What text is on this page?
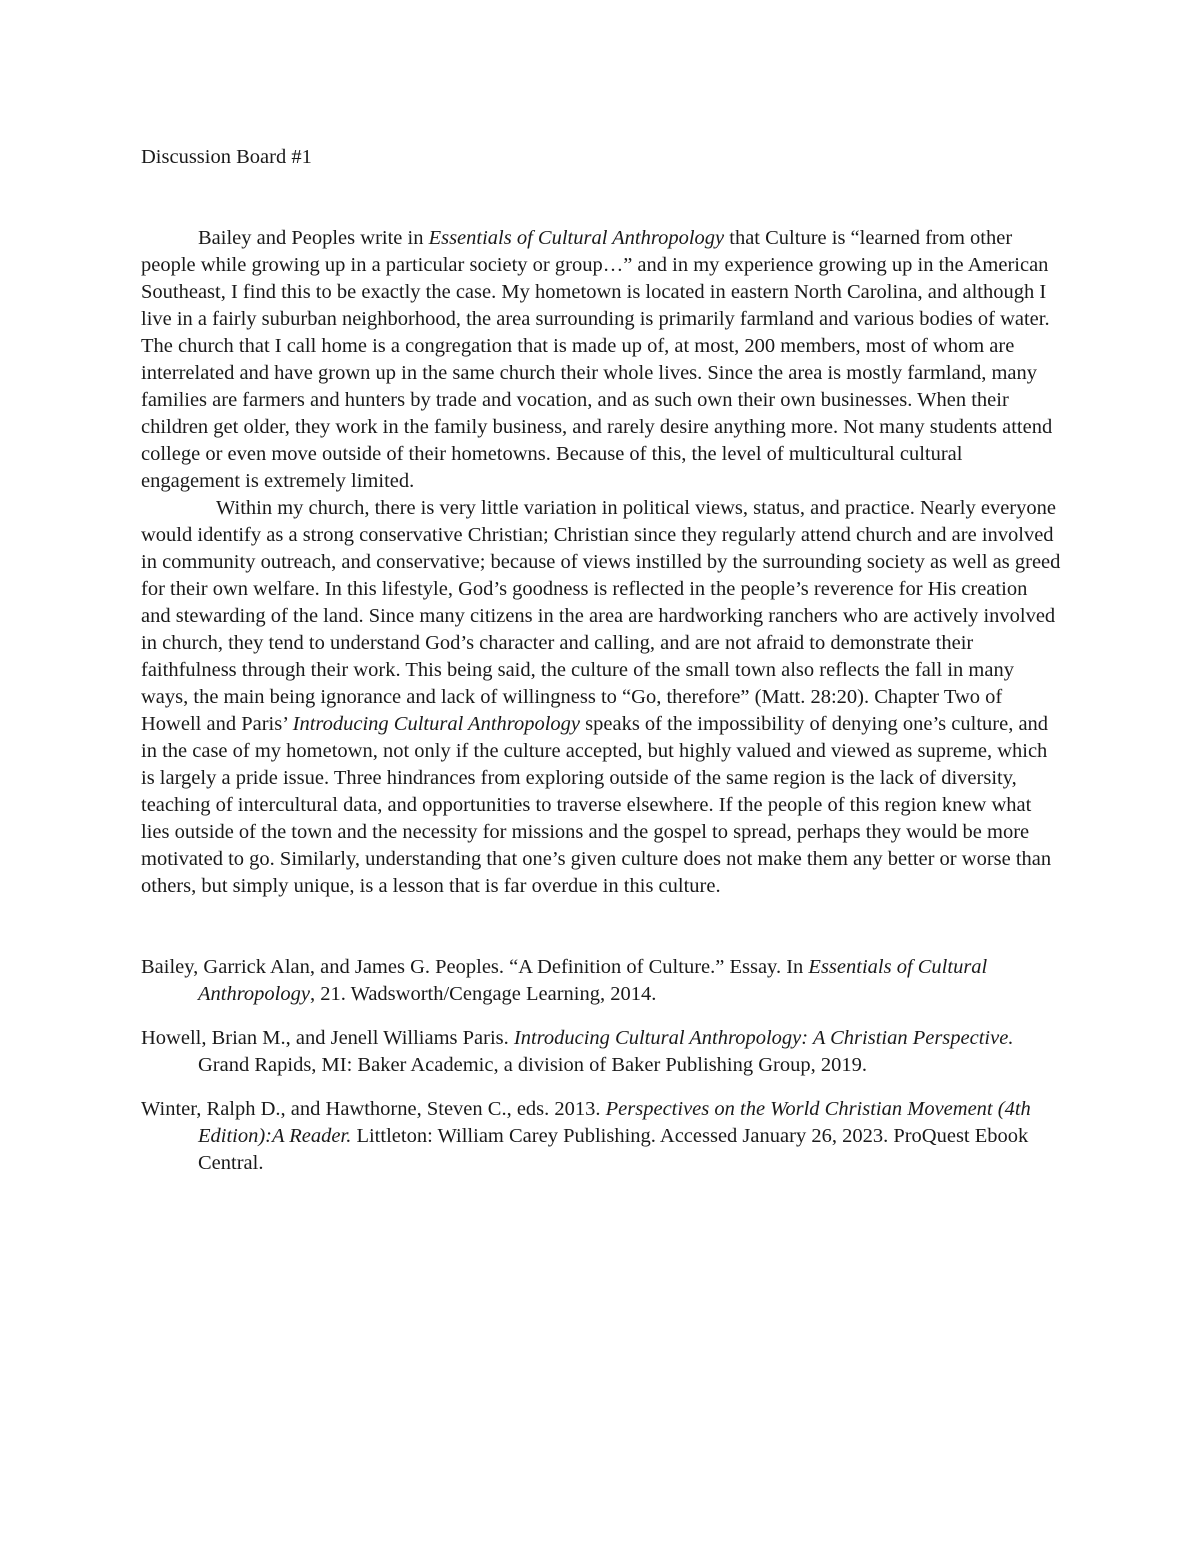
Discussion Board #1

Bailey and Peoples write in Essentials of Cultural Anthropology that Culture is “learned from other people while growing up in a particular society or group…” and in my experience growing up in the American Southeast, I find this to be exactly the case. My hometown is located in eastern North Carolina, and although I live in a fairly suburban neighborhood, the area surrounding is primarily farmland and various bodies of water. The church that I call home is a congregation that is made up of, at most, 200 members, most of whom are interrelated and have grown up in the same church their whole lives. Since the area is mostly farmland, many families are farmers and hunters by trade and vocation, and as such own their own businesses. When their children get older, they work in the family business, and rarely desire anything more. Not many students attend college or even move outside of their hometowns. Because of this, the level of multicultural cultural engagement is extremely limited.

Within my church, there is very little variation in political views, status, and practice. Nearly everyone would identify as a strong conservative Christian; Christian since they regularly attend church and are involved in community outreach, and conservative; because of views instilled by the surrounding society as well as greed for their own welfare. In this lifestyle, God’s goodness is reflected in the people’s reverence for His creation and stewarding of the land. Since many citizens in the area are hardworking ranchers who are actively involved in church, they tend to understand God’s character and calling, and are not afraid to demonstrate their faithfulness through their work. This being said, the culture of the small town also reflects the fall in many ways, the main being ignorance and lack of willingness to “Go, therefore” (Matt. 28:20). Chapter Two of Howell and Paris’ Introducing Cultural Anthropology speaks of the impossibility of denying one’s culture, and in the case of my hometown, not only if the culture accepted, but highly valued and viewed as supreme, which is largely a pride issue. Three hindrances from exploring outside of the same region is the lack of diversity, teaching of intercultural data, and opportunities to traverse elsewhere. If the people of this region knew what lies outside of the town and the necessity for missions and the gospel to spread, perhaps they would be more motivated to go. Similarly, understanding that one’s given culture does not make them any better or worse than others, but simply unique, is a lesson that is far overdue in this culture.

Bailey, Garrick Alan, and James G. Peoples. “A Definition of Culture.” Essay. In Essentials of Cultural Anthropology, 21. Wadsworth/Cengage Learning, 2014.

Howell, Brian M., and Jenell Williams Paris. Introducing Cultural Anthropology: A Christian Perspective. Grand Rapids, MI: Baker Academic, a division of Baker Publishing Group, 2019.

Winter, Ralph D., and Hawthorne, Steven C., eds. 2013. Perspectives on the World Christian Movement (4th Edition):A Reader. Littleton: William Carey Publishing. Accessed January 26, 2023. ProQuest Ebook Central.
